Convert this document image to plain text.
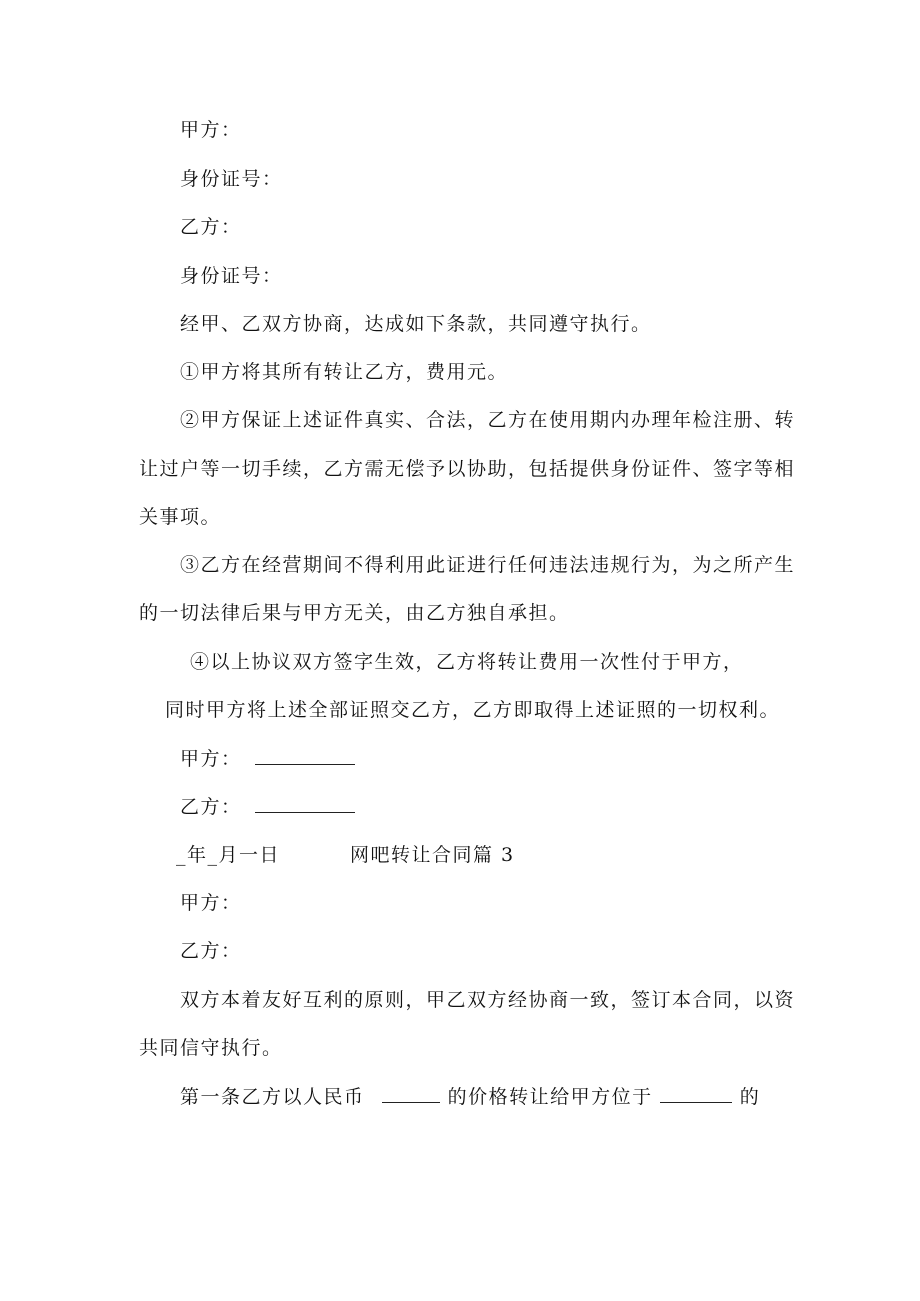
甲方：
身份证号：
乙方：
身份证号：
经甲、乙双方协商，达成如下条款，共同遵守执行。
①甲方将其所有转让乙方，费用元。
②甲方保证上述证件真实、合法，乙方在使用期内办理年检注册、转
让过户等一切手续，乙方需无偿予以协助，包括提供身份证件、签字等相
关事项。
③乙方在经营期间不得利用此证进行任何违法违规行为，为之所产生
的一切法律后果与甲方无关，由乙方独自承担。
④以上协议双方签字生效，乙方将转让费用一次性付于甲方，
同时甲方将上述全部证照交乙方，乙方即取得上述证照的一切权利。
甲方：
乙方：
_年_月一日	网吧转让合同篇 3
甲方：
乙方：
双方本着友好互利的原则，甲乙双方经协商一致，签订本合同，以资
共同信守执行。
第一条乙方以人民币	的价格转让给甲方位于	的
